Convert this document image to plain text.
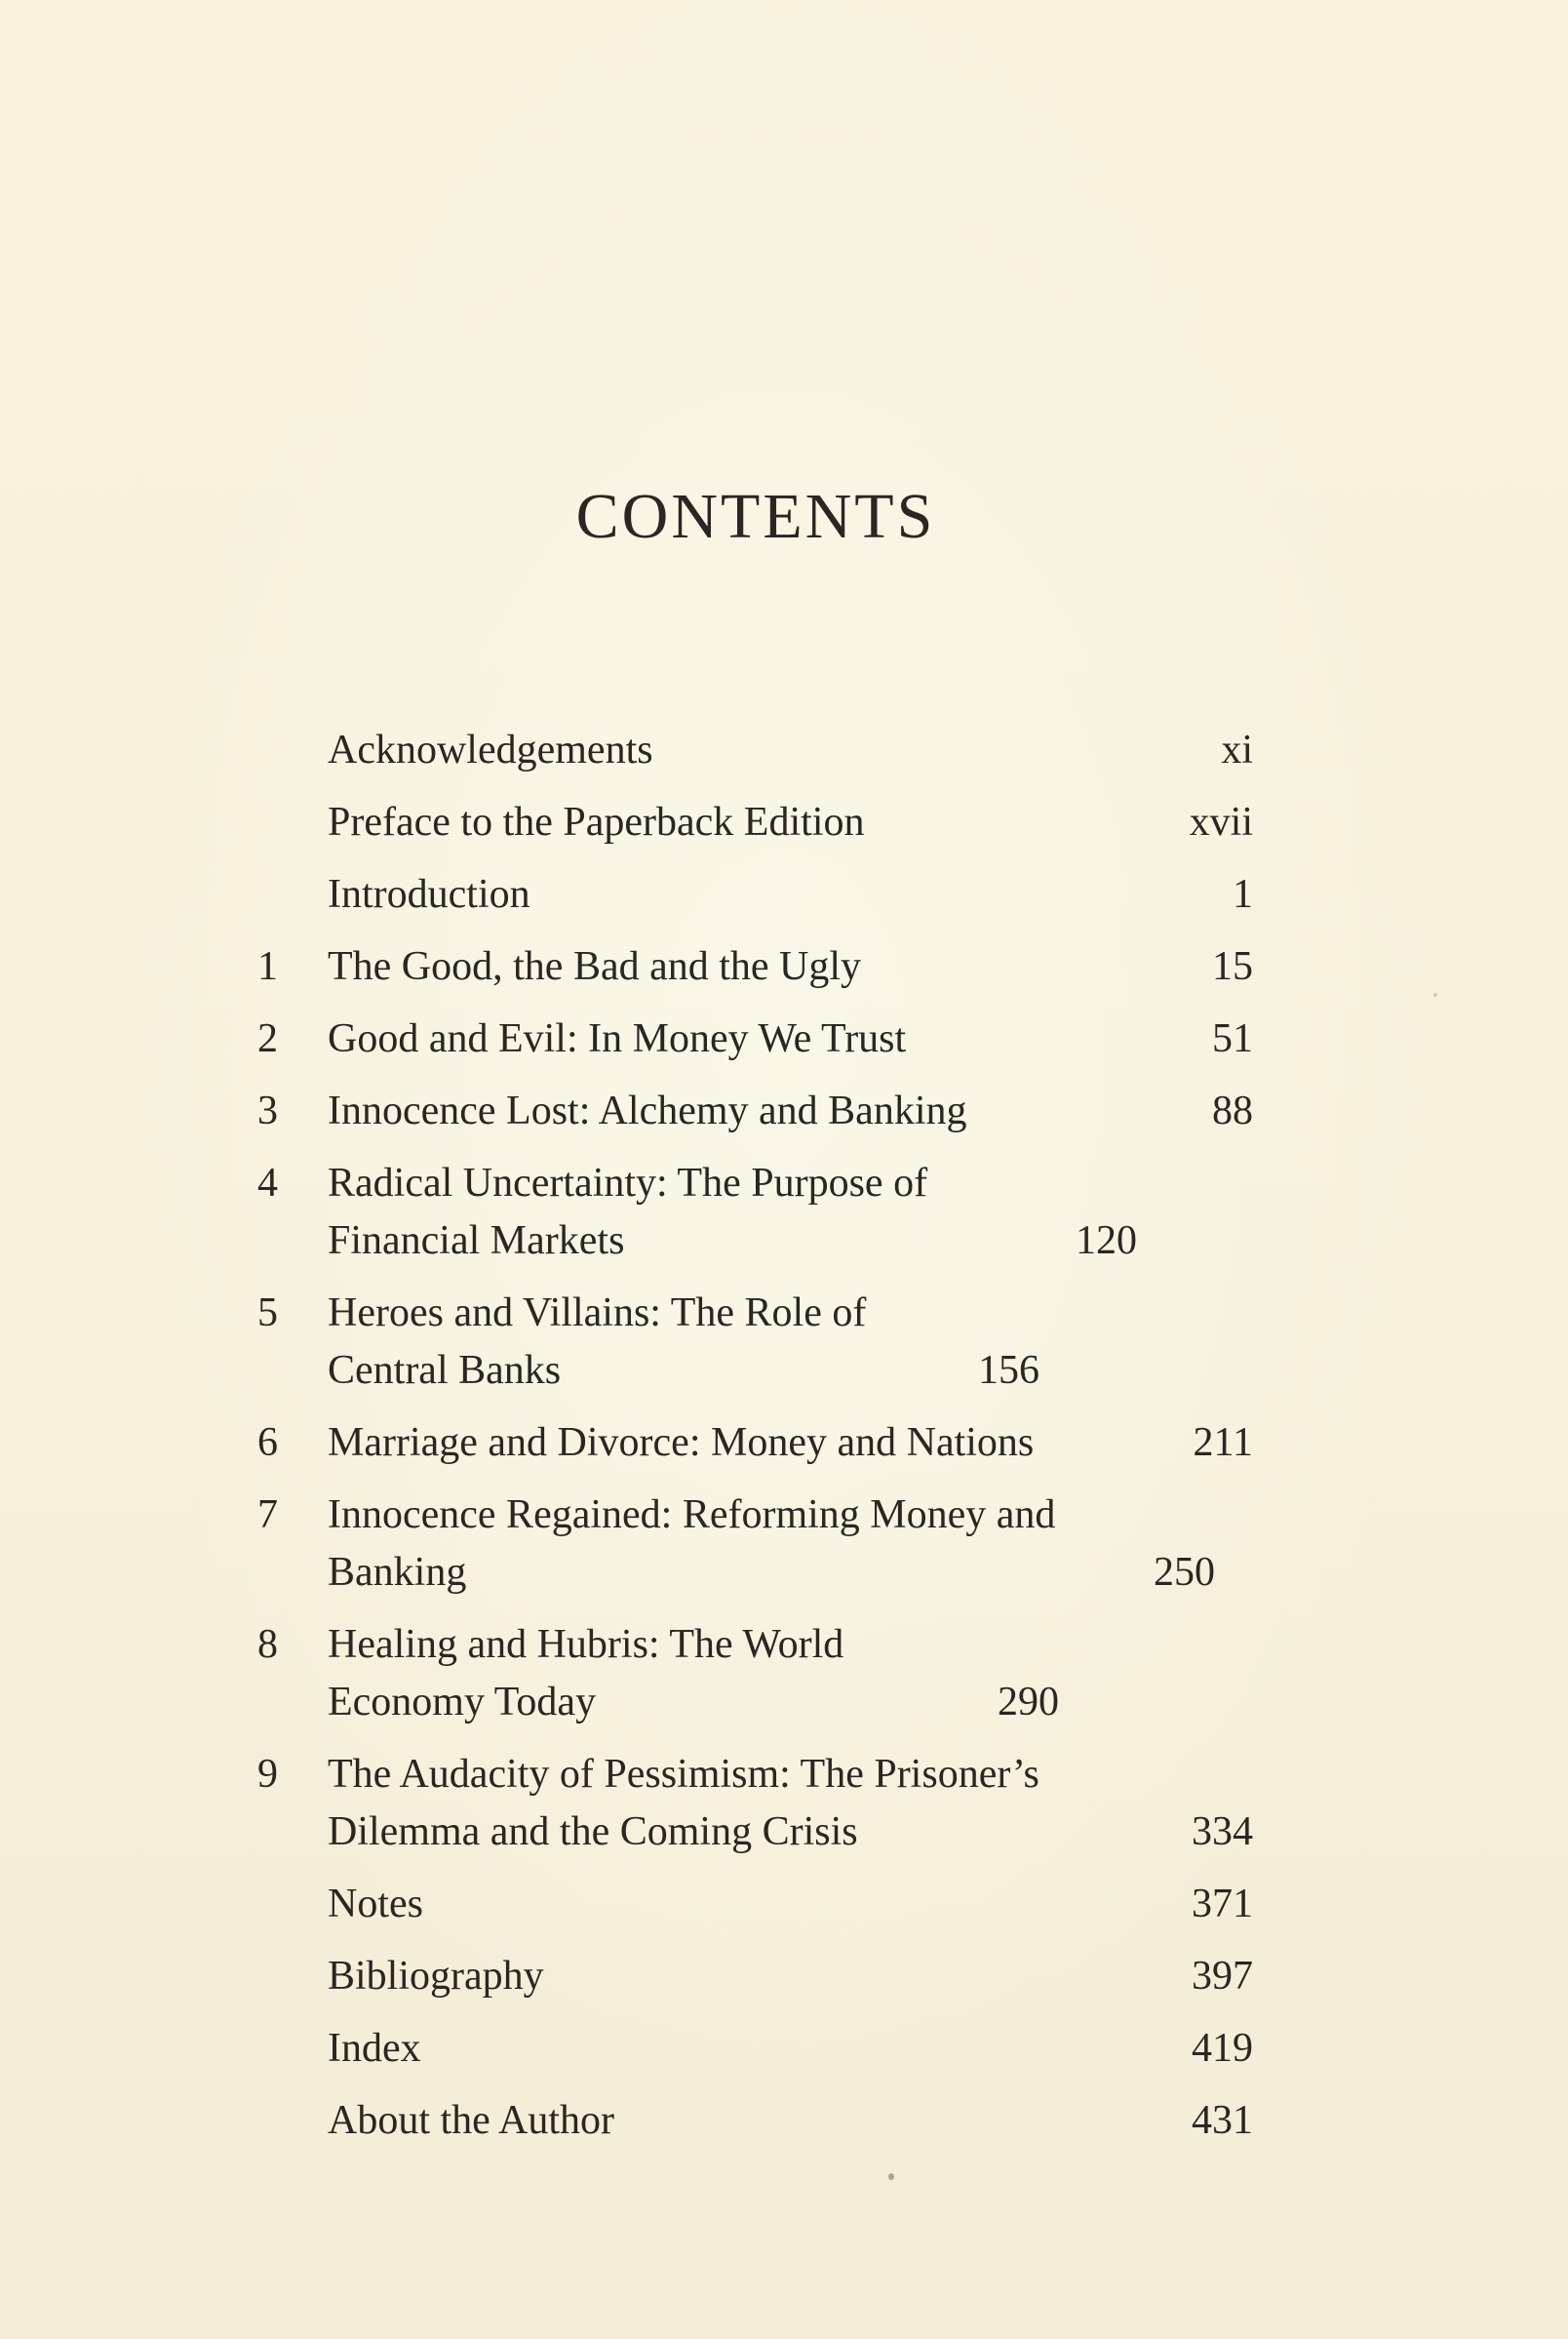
CONTENTS
Acknowledgements	xi
Preface to the Paperback Edition	xvii
Introduction	1
1	The Good, the Bad and the Ugly	15
2	Good and Evil: In Money We Trust	51
3	Innocence Lost: Alchemy and Banking	88
4	Radical Uncertainty: The Purpose of Financial Markets	120
5	Heroes and Villains: The Role of Central Banks	156
6	Marriage and Divorce: Money and Nations	211
7	Innocence Regained: Reforming Money and Banking	250
8	Healing and Hubris: The World Economy Today	290
9	The Audacity of Pessimism: The Prisoner’s Dilemma and the Coming Crisis	334
Notes	371
Bibliography	397
Index	419
About the Author	431
